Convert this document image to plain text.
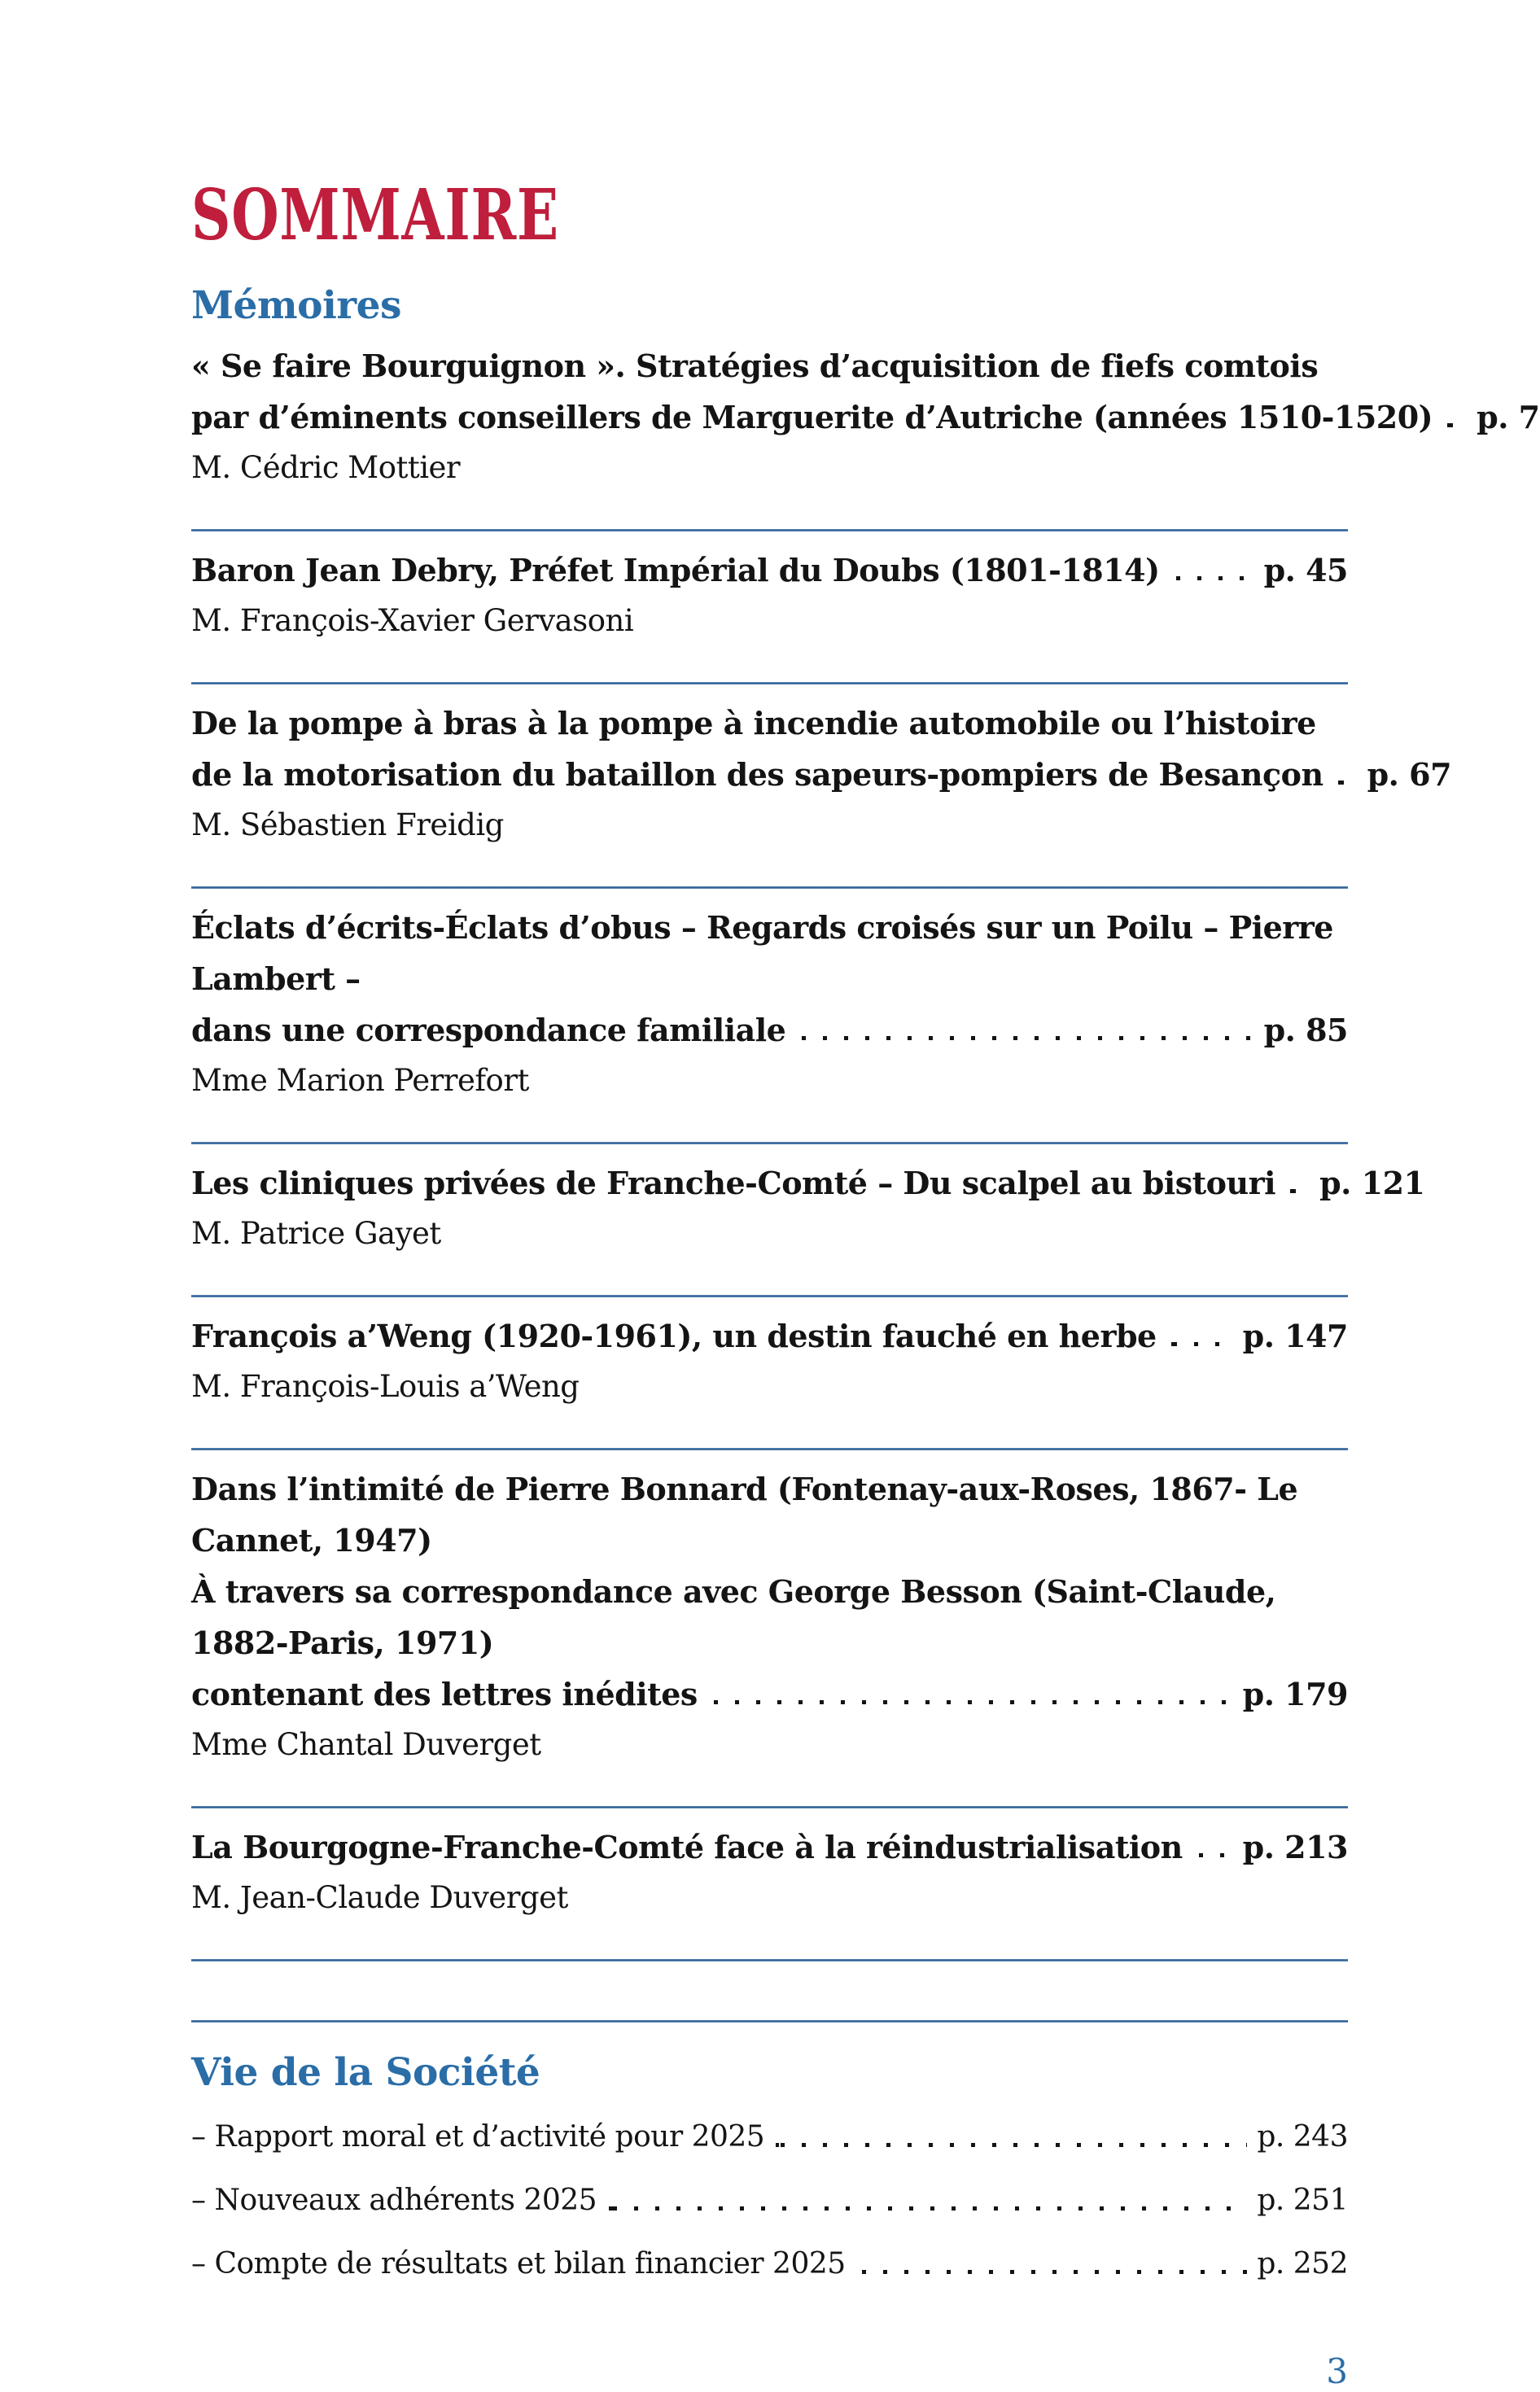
SOMMAIRE
Mémoires
« Se faire Bourguignon ». Stratégies d’acquisition de fiefs comtois
par d’éminents conseillers de Marguerite d’Autriche (années 1510-1520) p. 7
M. Cédric Mottier
Baron Jean Debry, Préfet Impérial du Doubs (1801-1814)	p. 45
M. François-Xavier Gervasoni
De la pompe à bras à la pompe à incendie automobile ou l’histoire
de la motorisation du bataillon des sapeurs-pompiers de Besançon p. 67
M. Sébastien Freidig
Éclats d’écrits-Éclats d’obus – Regards croisés sur un Poilu – Pierre Lambert –
dans une correspondance familiale	p. 85
Mme Marion Perrefort
Les cliniques privées de Franche-Comté – Du scalpel au bistouri p. 121
M. Patrice Gayet
François a’Weng (1920-1961), un destin fauché en herbe	p. 147
M. François-Louis a’Weng
Dans l’intimité de Pierre Bonnard (Fontenay-aux-Roses, 1867- Le Cannet, 1947)
À travers sa correspondance avec George Besson (Saint-Claude, 1882-Paris, 1971)
contenant des lettres inédites	p. 179
Mme Chantal Duverget
La Bourgogne-Franche-Comté face à la réindustrialisation p. 213
M. Jean-Claude Duverget
Vie de la Société
– Rapport moral et d’activité pour 2025	p. 243
– Nouveaux adhérents 2025	p. 251
– Compte de résultats et bilan financier 2025	p. 252
3
